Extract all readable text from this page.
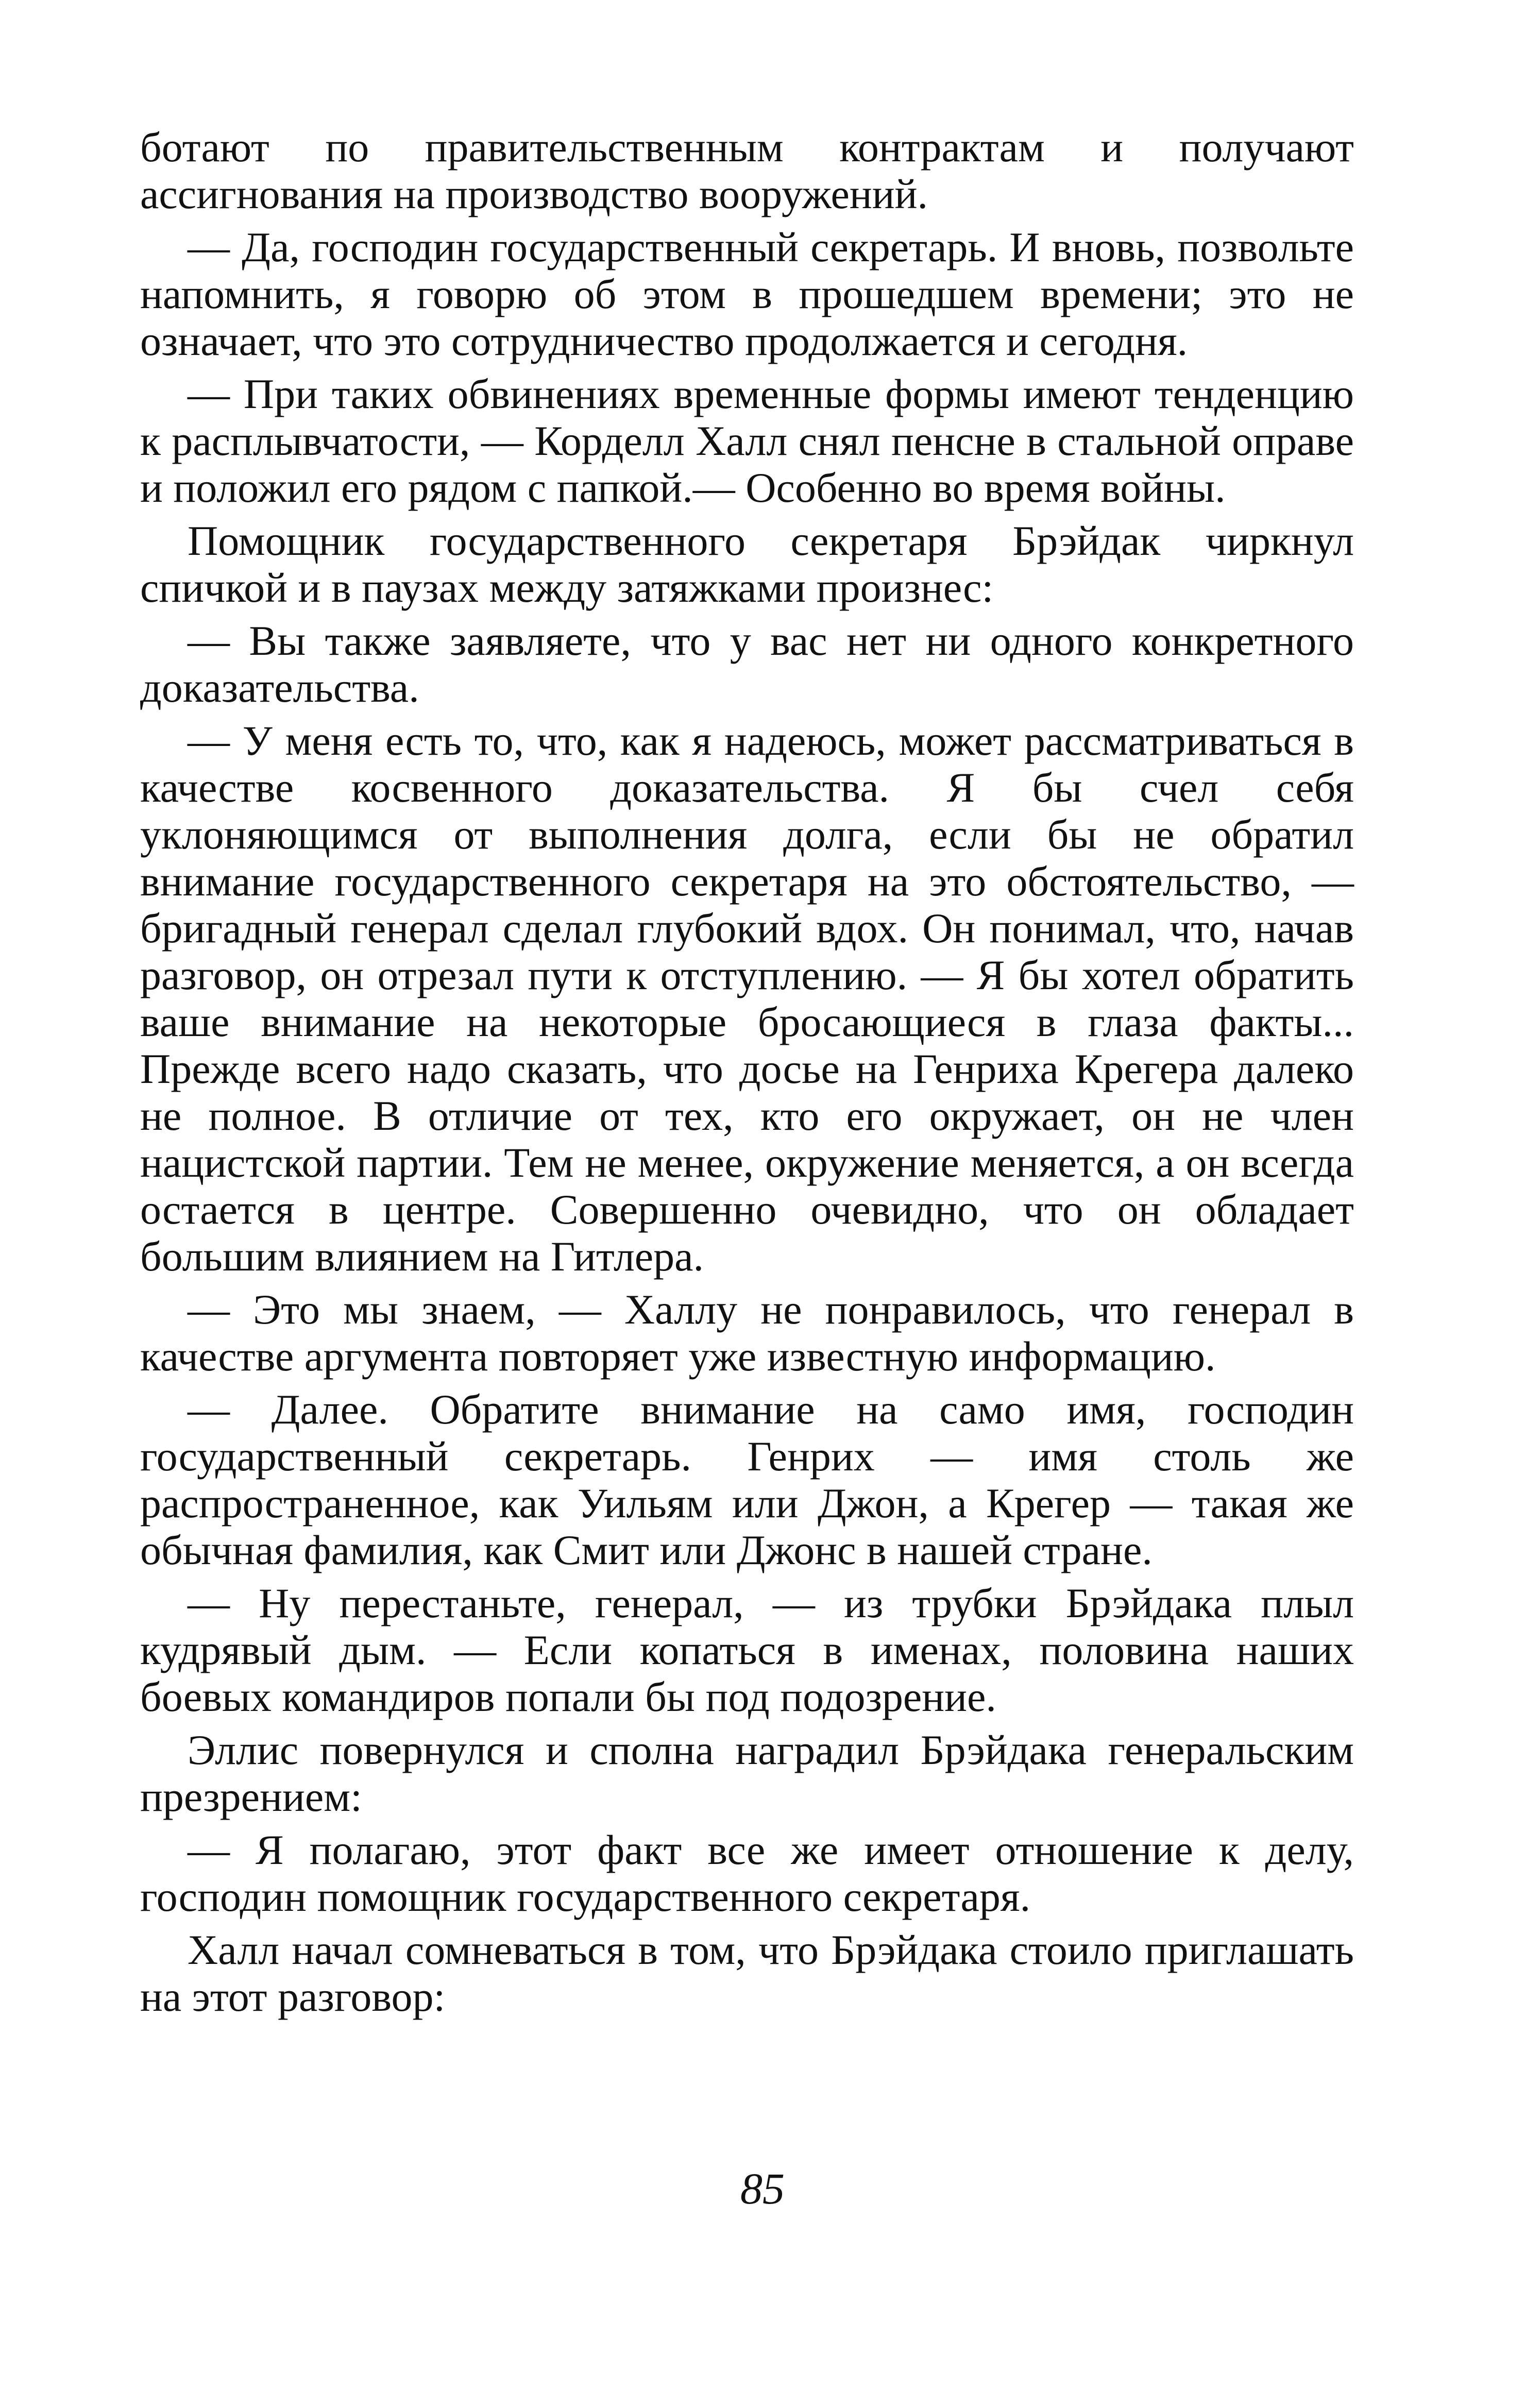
ботают по правительственным контрактам и получают ассигнования на производство вооружений.

— Да, господин государственный секретарь. И вновь, позвольте напомнить, я говорю об этом в прошедшем времени; это не означает, что это сотрудничество продолжается и сегодня.

— При таких обвинениях временные формы имеют тенденцию к расплывчатости, — Корделл Халл снял пенсне в стальной оправе и положил его рядом с папкой.— Особенно во время войны.

Помощник государственного секретаря Брэйдак чиркнул спичкой и в паузах между затяжками произнес:

— Вы также заявляете, что у вас нет ни одного конкретного доказательства.

— У меня есть то, что, как я надеюсь, может рассматриваться в качестве косвенного доказательства. Я бы счел себя уклоняющимся от выполнения долга, если бы не обратил внимание государственного секретаря на это обстоятельство, — бригадный генерал сделал глубокий вдох. Он понимал, что, начав разговор, он отрезал пути к отступлению. — Я бы хотел обратить ваше внимание на некоторые бросающиеся в глаза факты... Прежде всего надо сказать, что досье на Генриха Крегера далеко не полное. В отличие от тех, кто его окружает, он не член нацистской партии. Тем не менее, окружение меняется, а он всегда остается в центре. Совершенно очевидно, что он обладает большим влиянием на Гитлера.

— Это мы знаем, — Халлу не понравилось, что генерал в качестве аргумента повторяет уже известную информацию.

— Далее. Обратите внимание на само имя, господин государственный секретарь. Генрих — имя столь же распространенное, как Уильям или Джон, а Крегер — такая же обычная фамилия, как Смит или Джонс в нашей стране.

— Ну перестаньте, генерал, — из трубки Брэйдака плыл кудрявый дым. — Если копаться в именах, половина наших боевых командиров попали бы под подозрение.

Эллис повернулся и сполна наградил Брэйдака генеральским презрением:

— Я полагаю, этот факт все же имеет отношение к делу, господин помощник государственного секретаря.

Халл начал сомневаться в том, что Брэйдака стоило приглашать на этот разговор:

85
